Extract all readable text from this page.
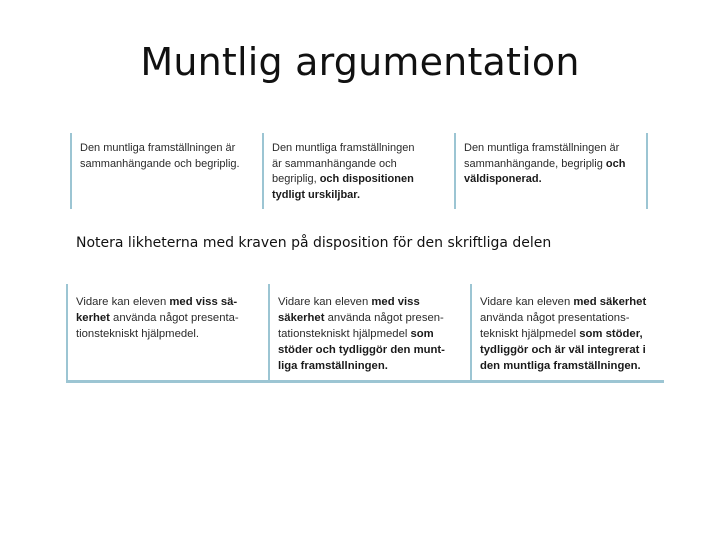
Muntlig argumentation
Den muntliga framställningen är
sammanhängande och begriplig.
Den muntliga framställningen
är sammanhängande och
begriplig, och dispositionen
tydligt urskiljbar.
Den muntliga framställningen är
sammanhängande, begriplig och
väldisponerad.
Notera likheterna med kraven på disposition för den skriftliga delen
Vidare kan eleven med viss sä-
kerhet använda något presenta-
tionstekniskt hjälpmedel.
Vidare kan eleven med viss
säkerhet använda något presen-
tationstekniskt hjälpmedel som
stöder och tydliggör den munt-
liga framställningen.
Vidare kan eleven med säkerhet
använda något presentations-
tekniskt hjälpmedel som stöder,
tydliggör och är väl integrerat i
den muntliga framställningen.
